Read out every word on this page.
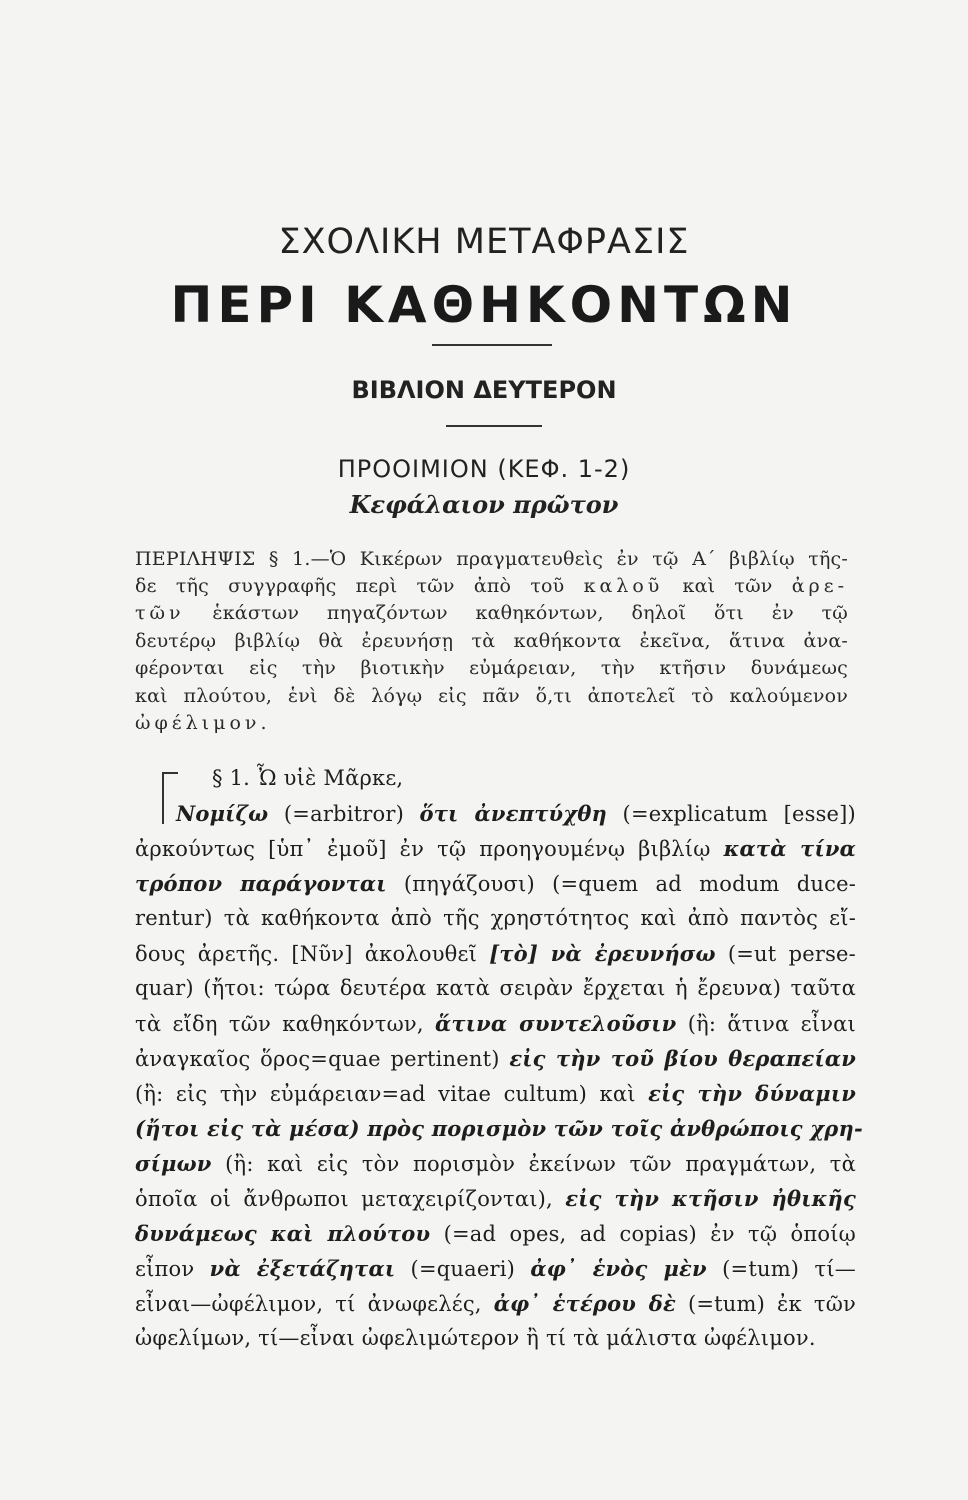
ΣΧΟΛΙΚΗ ΜΕΤΑΦΡΑΣΙΣ
ΠΕΡΙ ΚΑΘΗΚΟΝΤΩΝ
ΒΙΒΛΙΟΝ ΔΕΥΤΕΡΟΝ
ΠΡΟΟΙΜΙΟΝ (ΚΕΦ. 1-2)
Κεφάλαιον πρῶτον
ΠΕΡΙΛΗΨΙΣ § 1.—Ὁ Κικέρων πραγματευθεὶς ἐν τῷ Α΄ βιβλίῳ τῆς-
δε τῆς συγγραφῆς περὶ τῶν ἀπὸ τοῦ καλοῦ καὶ τῶν ἀρε-
τῶν ἑκάστων πηγαζόντων καθηκόντων, δηλοῖ ὅτι ἐν τῷ
δευτέρῳ βιβλίῳ θὰ ἐρευνήσῃ τὰ καθήκοντα ἐκεῖνα, ἅτινα ἀνα-
φέρονται εἰς τὴν βιοτικὴν εὐμάρειαν, τὴν κτῆσιν δυνάμεως
καὶ πλούτου, ἑνὶ δὲ λόγῳ εἰς πᾶν ὅ,τι ἀποτελεῖ τὸ καλούμενον
ὠφέλιμον.
§ 1. Ὦ υἱὲ Μᾶρκε,
Νομίζω (=arbitror) ὅτι ἀνεπτύχθη (=explicatum [esse])
ἀρκούντως [ὑπ᾽ ἐμοῦ] ἐν τῷ προηγουμένῳ βιβλίῳ κατὰ τίνα
τρόπον παράγονται (πηγάζουσι) (=quem ad modum duce-
rentur) τὰ καθήκοντα ἀπὸ τῆς χρηστότητος καὶ ἀπὸ παντὸς εἴ-
δους ἀρετῆς. [Νῦν] ἀκολουθεῖ [τὸ] νὰ ἐρευνήσω (=ut perse-
quar) (ἤτοι: τώρα δευτέρα κατὰ σειρὰν ἔρχεται ἡ ἔρευνα) ταῦτα
τὰ εἴδη τῶν καθηκόντων, ἅτινα συντελοῦσιν (ἢ: ἅτινα εἶναι
ἀναγκαῖος ὅρος=quae pertinent) εἰς τὴν τοῦ βίου θεραπείαν
(ἢ: εἰς τὴν εὐμάρειαν=ad vitae cultum) καὶ εἰς τὴν δύναμιν
(ἤτοι εἰς τὰ μέσα) πρὸς πορισμὸν τῶν τοῖς ἀνθρώποις χρη-
σίμων (ἢ: καὶ εἰς τὸν πορισμὸν ἐκείνων τῶν πραγμάτων, τὰ
ὁποῖα οἱ ἄνθρωποι μεταχειρίζονται), εἰς τὴν κτῆσιν ἠθικῆς
δυνάμεως καὶ πλούτου (=ad opes, ad copias) ἐν τῷ ὁποίῳ
εἶπον νὰ ἐξετάζηται (=quaeri) ἀφ᾽ ἑνὸς μὲν (=tum) τί—
εἶναι—ὠφέλιμον, τί ἀνωφελές, ἀφ᾽ ἑτέρου δὲ (=tum) ἐκ τῶν
ὠφελίμων, τί—εἶναι ὠφελιμώτερον ἢ τί τὰ μάλιστα ὠφέλιμον.
